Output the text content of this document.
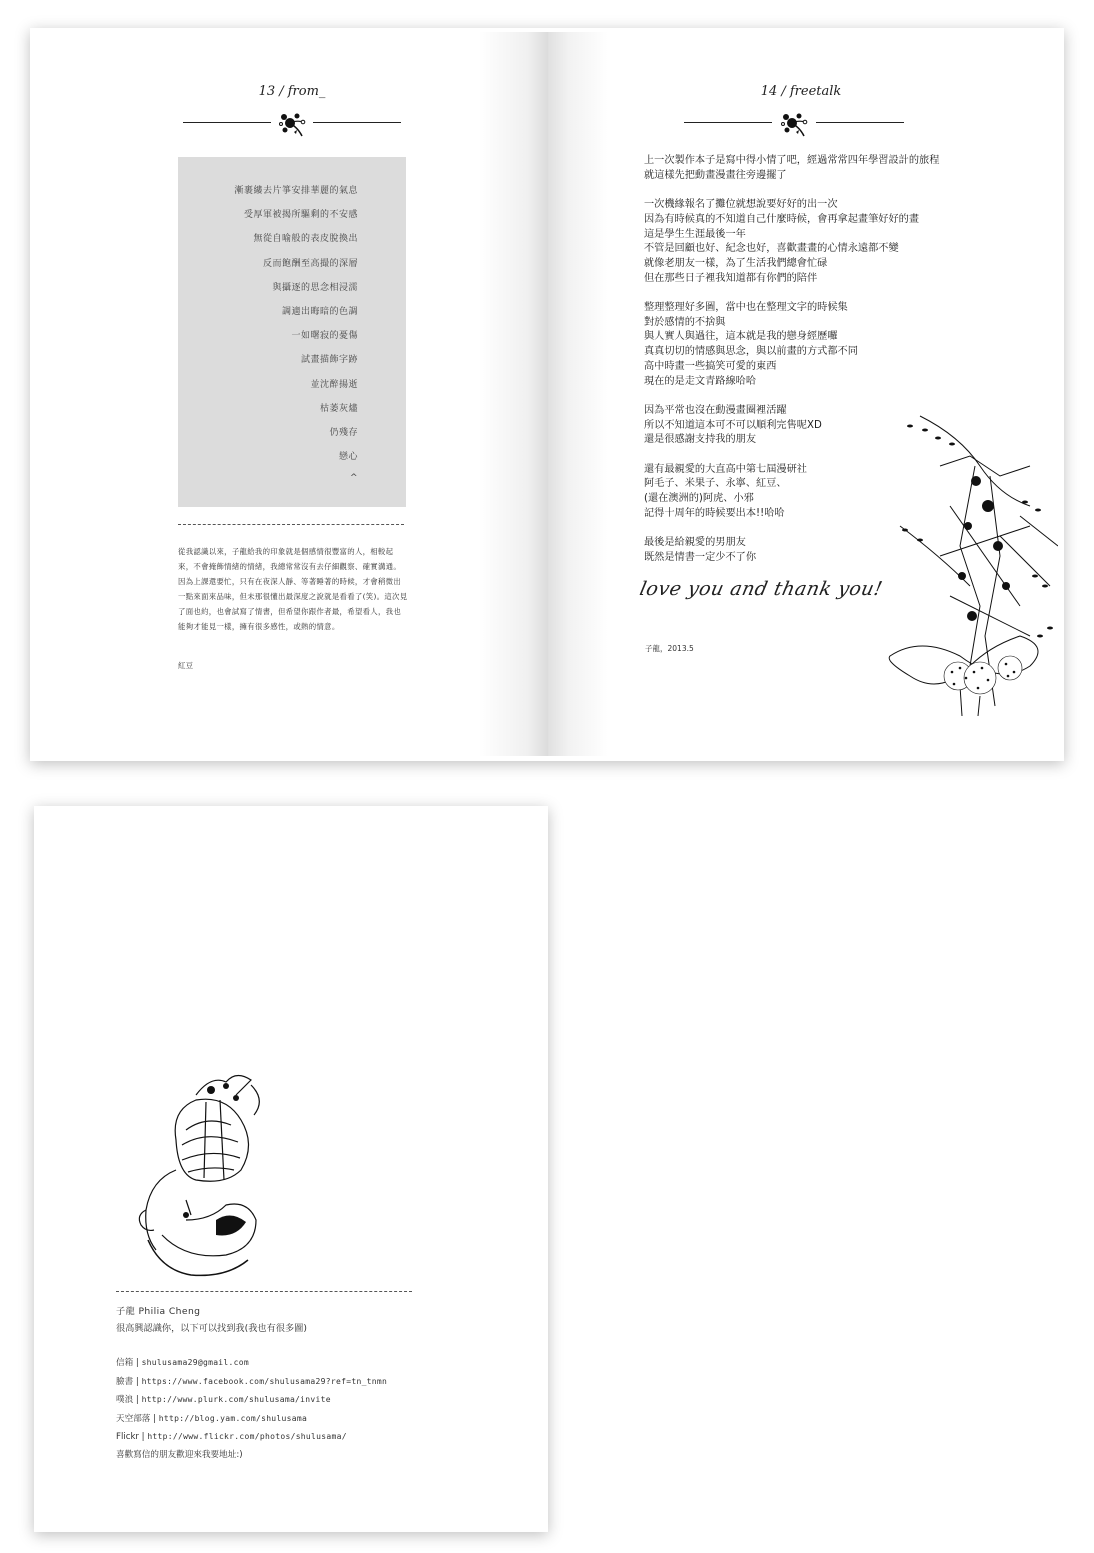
13 / from_
漸裹縷去片箏安排華麗的氣息
受厚軍被揭所驅剩的不安感
無從自喻般的表皮脫換出
反而飽酬至高撮的深層
與攝逐的思念相浸濡
調適出晦暗的色調
一如曙寂的憂傷
試畫描飾字跡
並沈醉揚逝
枯萎灰燼
仍殘存
戀心
^
從我認識以來，子龍給我的印象就是個感情很豐富的人，相較起來，不會掩飾情緒的情緒，我總常常沒有去仔細觀察、確實溝通。因為上課還要忙，只有在夜深人靜、等著睡著的時候，才會稍微出一點來面來品味，但未那很懂出最深度之說就是看看了(笑)。這次見了面也約，也會試寫了情書，但希望你跟作者最，希望看人，我也能夠才能見一樣，擁有很多感性，或熱的情意。
紅豆
14 / freetalk
上一次製作本子是寫中得小情了吧，經過常常四年學習設計的旅程
就這樣先把動畫漫畫往旁邊擺了
一次機緣報名了攤位就想說要好好的出一次
因為有時候真的不知道自己什麼時候，會再拿起畫筆好好的畫
這是學生生涯最後一年
不管是回顧也好、紀念也好，喜歡畫畫的心情永遠都不變
就像老朋友一樣，為了生活我們總會忙碌
但在那些日子裡我知道都有你們的陪伴
整理整理好多圖，當中也在整理文字的時候集
對於感情的不捨與
與人實人與過往，這本就是我的戀身經歷囉
真真切切的情感與思念，與以前畫的方式都不同
高中時畫一些搞笑可愛的東西
現在的是走文青路線哈哈
因為平常也沒在動漫畫圈裡活躍
所以不知道這本可不可以順利完售呢XD
還是很感謝支持我的朋友
還有最親愛的大直高中第七屆漫研社
阿毛子、米果子、永寧、紅豆、
(還在澳洲的)阿虎、小邪
記得十周年的時候要出本!!哈哈
最後是給親愛的男朋友
既然是情書一定少不了你
love you and thank you!
子龍，2013.5
子龍 Philia Cheng
很高興認識你，以下可以找到我(我也有很多圖)
信箱 | shulusama29@gmail.com
臉書 | https://www.facebook.com/shulusama29?ref=tn_tnmn
噗浪 | http://www.plurk.com/shulusama/invite
天空部落 | http://blog.yam.com/shulusama
Flickr | http://www.flickr.com/photos/shulusama/
喜歡寫信的朋友歡迎來我要地址:)
